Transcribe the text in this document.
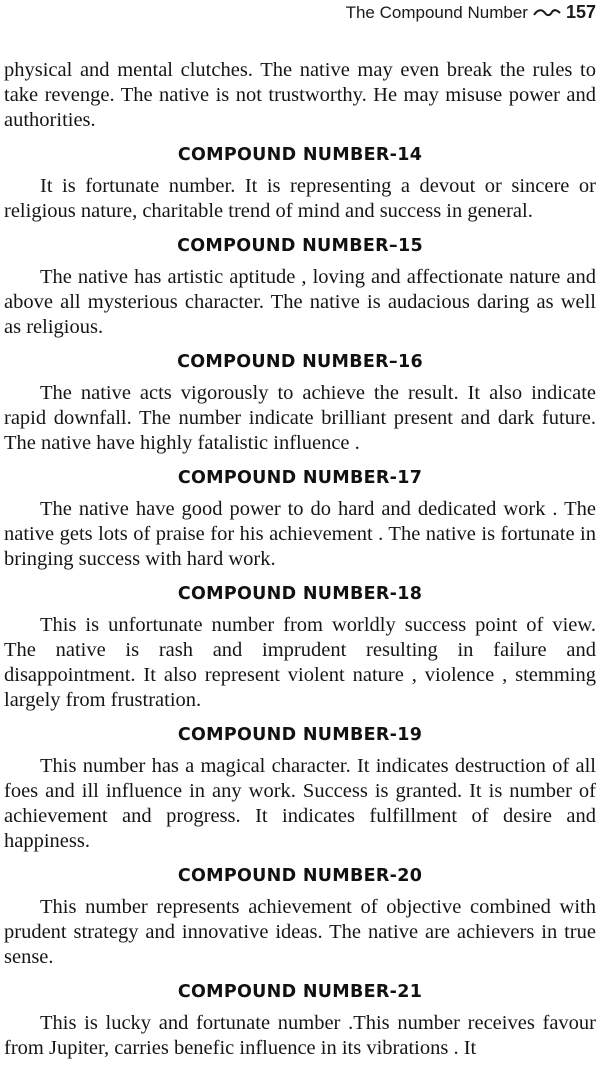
The Compound Number 157

physical and mental clutches. The native may even break the rules to take revenge. The native is not trustworthy. He may misuse power and authorities.

COMPOUND NUMBER-14

It is fortunate number. It is representing a devout or sincere or religious nature, charitable trend of mind and success in general.

COMPOUND NUMBER–15

The native has artistic aptitude , loving and affectionate nature and above all mysterious character. The native is audacious daring as well as religious.

COMPOUND NUMBER–16

The native acts vigorously to achieve the result. It also indicate rapid downfall. The number indicate brilliant present and dark future. The native have highly fatalistic influence .

COMPOUND NUMBER-17

The native have good power to do hard and dedicated work . The native gets lots of praise for his achievement . The native is fortunate in bringing success with hard work.

COMPOUND NUMBER-18

This is unfortunate number from worldly success point of view. The native is rash and imprudent resulting in failure and disappointment. It also represent violent nature , violence , stemming largely from frustration.

COMPOUND NUMBER-19

This number has a magical character. It indicates destruction of all foes and ill influence in any work. Success is granted. It is number of achievement and progress. It indicates fulfillment of desire and happiness.

COMPOUND NUMBER-20

This number represents achievement of objective combined with prudent strategy and innovative ideas. The native are achievers in true sense.

COMPOUND NUMBER-21

This is lucky and fortunate number .This number receives favour from Jupiter, carries benefic influence in its vibrations . It
